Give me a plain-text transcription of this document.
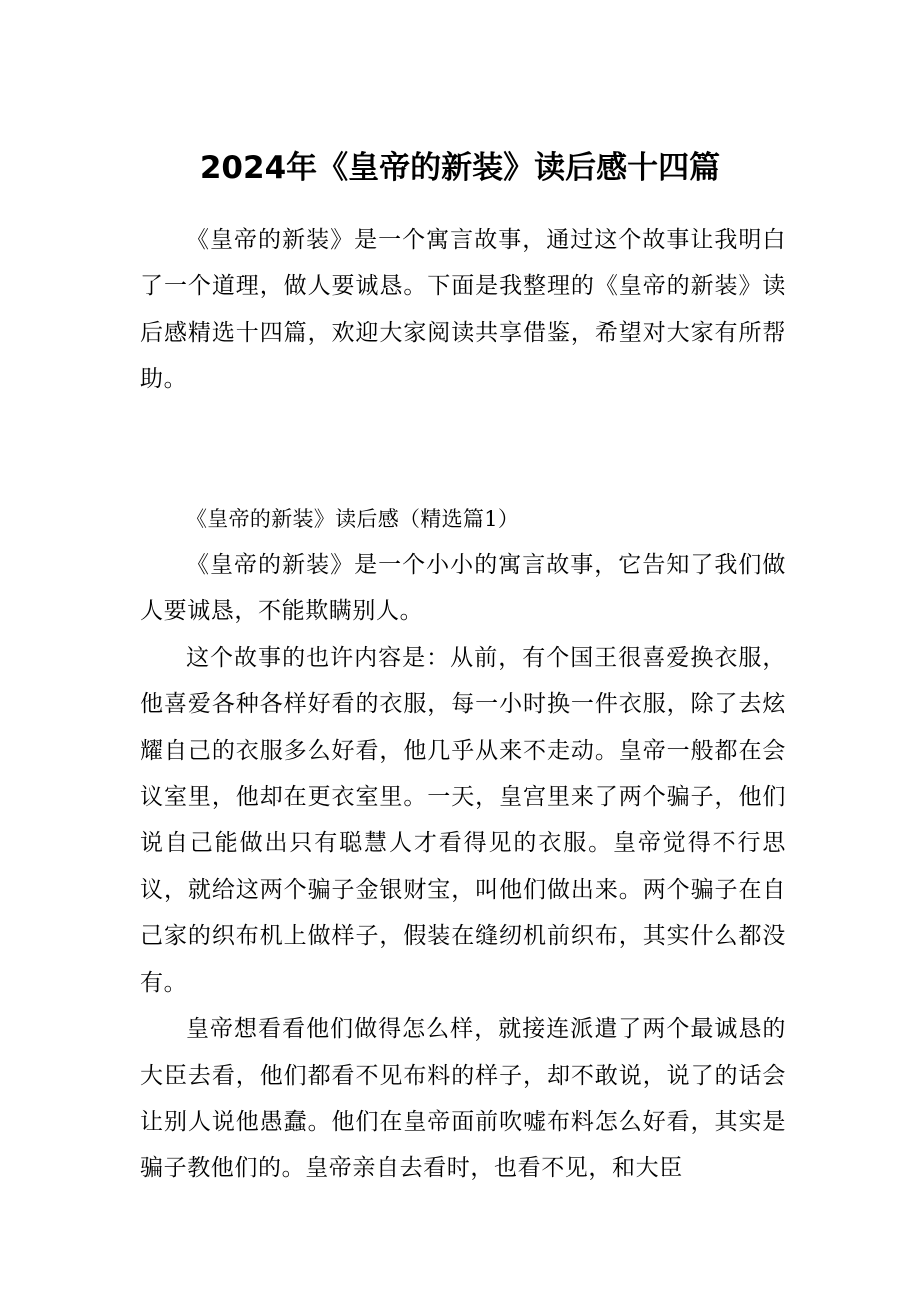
2024年《皇帝的新装》读后感十四篇

《皇帝的新装》是一个寓言故事，通过这个故事让我明白了一个道理，做人要诚恳。下面是我整理的《皇帝的新装》读后感精选十四篇，欢迎大家阅读共享借鉴，希望对大家有所帮助。

《皇帝的新装》读后感（精选篇1）

《皇帝的新装》是一个小小的寓言故事，它告知了我们做人要诚恳，不能欺瞒别人。

这个故事的也许内容是：从前，有个国王很喜爱换衣服，他喜爱各种各样好看的衣服，每一小时换一件衣服，除了去炫耀自己的衣服多么好看，他几乎从来不走动。皇帝一般都在会议室里，他却在更衣室里。一天，皇宫里来了两个骗子，他们说自己能做出只有聪慧人才看得见的衣服。皇帝觉得不行思议，就给这两个骗子金银财宝，叫他们做出来。两个骗子在自己家的织布机上做样子，假装在缝纫机前织布，其实什么都没有。

皇帝想看看他们做得怎么样，就接连派遣了两个最诚恳的大臣去看，他们都看不见布料的样子，却不敢说，说了的话会让别人说他愚蠢。他们在皇帝面前吹嘘布料怎么好看，其实是骗子教他们的。皇帝亲自去看时，也看不见，和大臣
